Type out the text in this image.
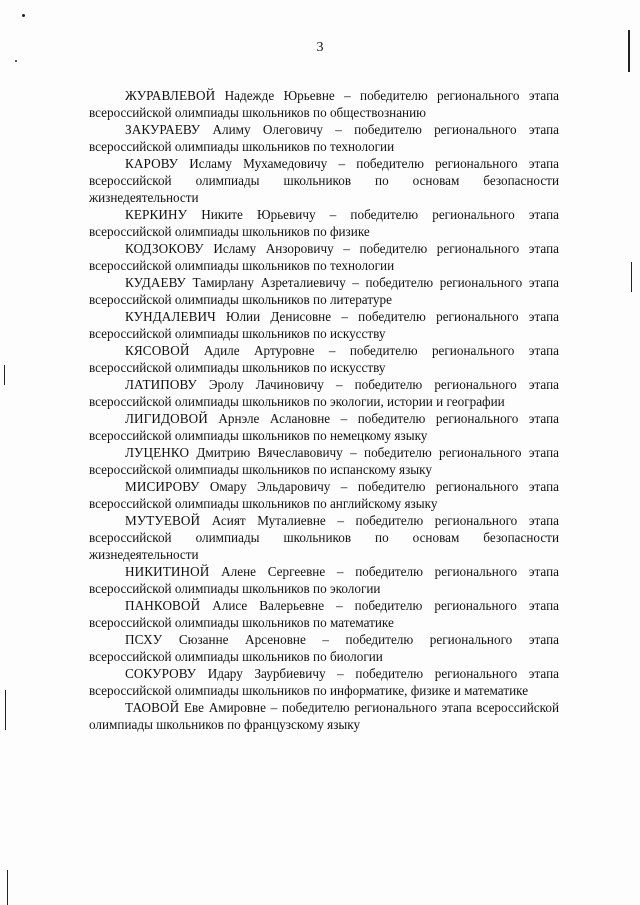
3

ЖУРАВЛЕВОЙ Надежде Юрьевне – победителю регионального этапа всероссийской олимпиады школьников по обществознанию

ЗАКУРАЕВУ Алиму Олеговичу – победителю регионального этапа всероссийской олимпиады школьников по технологии

КАРОВУ Исламу Мухамедовичу – победителю регионального этапа всероссийской олимпиады школьников по основам безопасности жизнедеятельности

КЕРКИНУ Никите Юрьевичу – победителю регионального этапа всероссийской олимпиады школьников по физике

КОДЗОКОВУ Исламу Анзоровичу – победителю регионального этапа всероссийской олимпиады школьников по технологии

КУДАЕВУ Тамирлану Азреталиевичу – победителю регионального этапа всероссийской олимпиады школьников по литературе

КУНДАЛЕВИЧ Юлии Денисовне – победителю регионального этапа всероссийской олимпиады школьников по искусству

КЯСОВОЙ Адиле Артуровне – победителю регионального этапа всероссийской олимпиады школьников по искусству

ЛАТИПОВУ Эролу Лачиновичу – победителю регионального этапа всероссийской олимпиады школьников по экологии, истории и географии

ЛИГИДОВОЙ Арнэле Аслановне – победителю регионального этапа всероссийской олимпиады школьников по немецкому языку

ЛУЦЕНКО Дмитрию Вячеславовичу – победителю регионального этапа всероссийской олимпиады школьников по испанскому языку

МИСИРОВУ Омару Эльдаровичу – победителю регионального этапа всероссийской олимпиады школьников по английскому языку

МУТУЕВОЙ Асият Муталиевне – победителю регионального этапа всероссийской олимпиады школьников по основам безопасности жизнедеятельности

НИКИТИНОЙ Алене Сергеевне – победителю регионального этапа всероссийской олимпиады школьников по экологии

ПАНКОВОЙ Алисе Валерьевне – победителю регионального этапа всероссийской олимпиады школьников по математике

ПСХУ Сюзанне Арсеновне – победителю регионального этапа всероссийской олимпиады школьников по биологии

СОКУРОВУ Идару Заурбиевичу – победителю регионального этапа всероссийской олимпиады школьников по информатике, физике и математике

ТАОВОЙ Еве Амировне – победителю регионального этапа всероссийской олимпиады школьников по французскому языку
